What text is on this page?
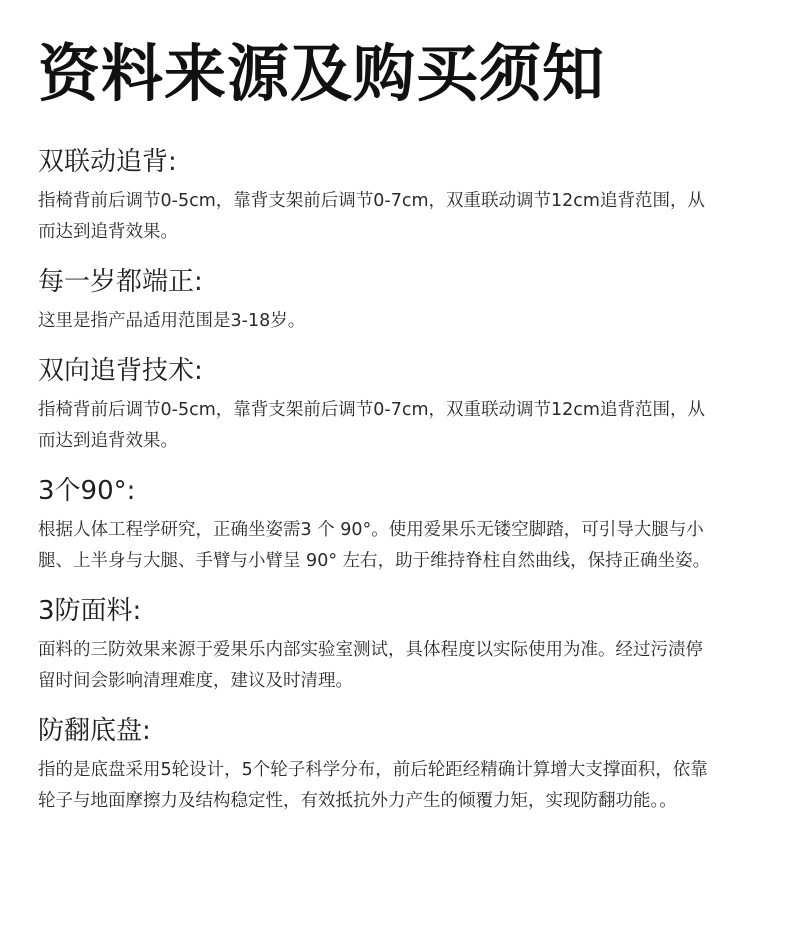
资料来源及购买须知
双联动追背:

指椅背前后调节0-5cm，靠背支架前后调节0-7cm，双重联动调节12cm追背范围，从而达到追背效果。

每一岁都端正:

这里是指产品适用范围是3-18岁。

双向追背技术:

指椅背前后调节0-5cm，靠背支架前后调节0-7cm，双重联动调节12cm追背范围，从而达到追背效果。

3个90°:

根据人体工程学研究，正确坐姿需3 个 90°。使用爱果乐无镂空脚踏，可引导大腿与小腿、上半身与大腿、手臂与小臂呈 90° 左右，助于维持脊柱自然曲线，保持正确坐姿。

3防面料:

面料的三防效果来源于爱果乐内部实验室测试，具体程度以实际使用为准。经过污渍停留时间会影响清理难度，建议及时清理。

防翻底盘:

指的是底盘采用5轮设计，5个轮子科学分布，前后轮距经精确计算增大支撑面积，依靠轮子与地面摩擦力及结构稳定性，有效抵抗外力产生的倾覆力矩，实现防翻功能。。
